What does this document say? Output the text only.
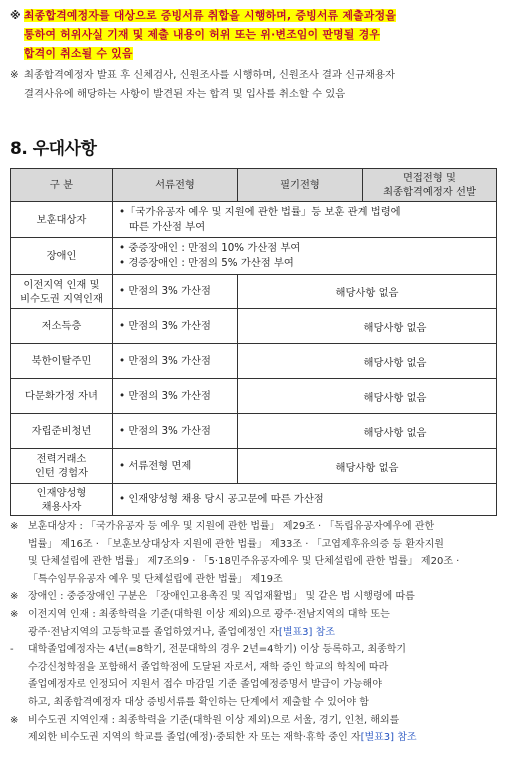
※ 최종합격예정자를 대상으로 증빙서류 취합을 시행하며, 증빙서류 제출과정을
통하여 허위사실 기재 및 제출 내용이 허위 또는 위·변조임이 판명될 경우
합격이 취소될 수 있음
※ 최종합격예정자 발표 후 신체검사, 신원조사를 시행하며, 신원조사 결과 신규채용자
결격사유에 해당하는 사항이 발견된 자는 합격 및 입사를 취소할 수 있음
8. 우대사항
구 분	서류전형	필기전형	면접전형 및
최종합격예정자 선발
보훈대상자	•「국가유공자 예우 및 지원에 관한 법률」등 보훈 관계 법령에
따른 가산점 부여		
장애인	• 중증장애인 : 만점의 10% 가산점 부여
• 경증장애인 : 만점의 5% 가산점 부여		
이전지역 인재 및
비수도권 지역인재	• 만점의 3% 가산점	해당사항 없음	
저소득층	• 만점의 3% 가산점	해당사항 없음	
북한이탈주민	• 만점의 3% 가산점	해당사항 없음	
다문화가정 자녀	• 만점의 3% 가산점	해당사항 없음	
자립준비청년	• 만점의 3% 가산점	해당사항 없음	
전력거래소
인턴 경험자	• 서류전형 면제	해당사항 없음	
인재양성형
채용사자	• 인재양성형 채용 당시 공고문에 따른 가산점		
※ 보훈대상자 : 「국가유공자 등 예우 및 지원에 관한 법률」 제29조 · 「독립유공자예우에 관한
법률」 제16조 · 「보훈보상대상자 지원에 관한 법률」 제33조 · 「고엽제후유의증 등 환자지원
및 단체설립에 관한 법률」 제7조의9 · 「5·18민주유공자예우 및 단체설립에 관한 법률」 제20조 ·
「특수임무유공자 예우 및 단체설립에 관한 법률」 제19조
※ 장애인 : 중증장애인 구분은 「장애인고용촉진 및 직업재활법」 및 같은 법 시행령에 따름
※ 이전지역 인재 : 최종학력을 기준(대학원 이상 제외)으로 광주·전남지역의 대학 또는
광주·전남지역의 고등학교를 졸업하였거나, 졸업예정인 자[별표3] 참조
-	대학졸업예정자는 4년(=8학기, 전문대학의 경우 2년=4학기) 이상 등록하고, 최종학기
수강신청학점을 포함해서 졸업학점에 도달된 자로서, 재학 증인 학교의 학칙에 따라
졸업예정자로 인정되어 지원서 접수 마감일 기준 졸업예정증명서 발급이 가능해야
하고, 최종합격예정자 대상 증빙서류를 확인하는 단계에서 제출할 수 있어야 함
※ 비수도권 지역인재 : 최종학력을 기준(대학원 이상 제외)으로 서울, 경기, 인천, 해외를
제외한 비수도권 지역의 학교를 졸업(예정)·중퇴한 자 또는 재학·휴학 중인 자[별표3] 참조
